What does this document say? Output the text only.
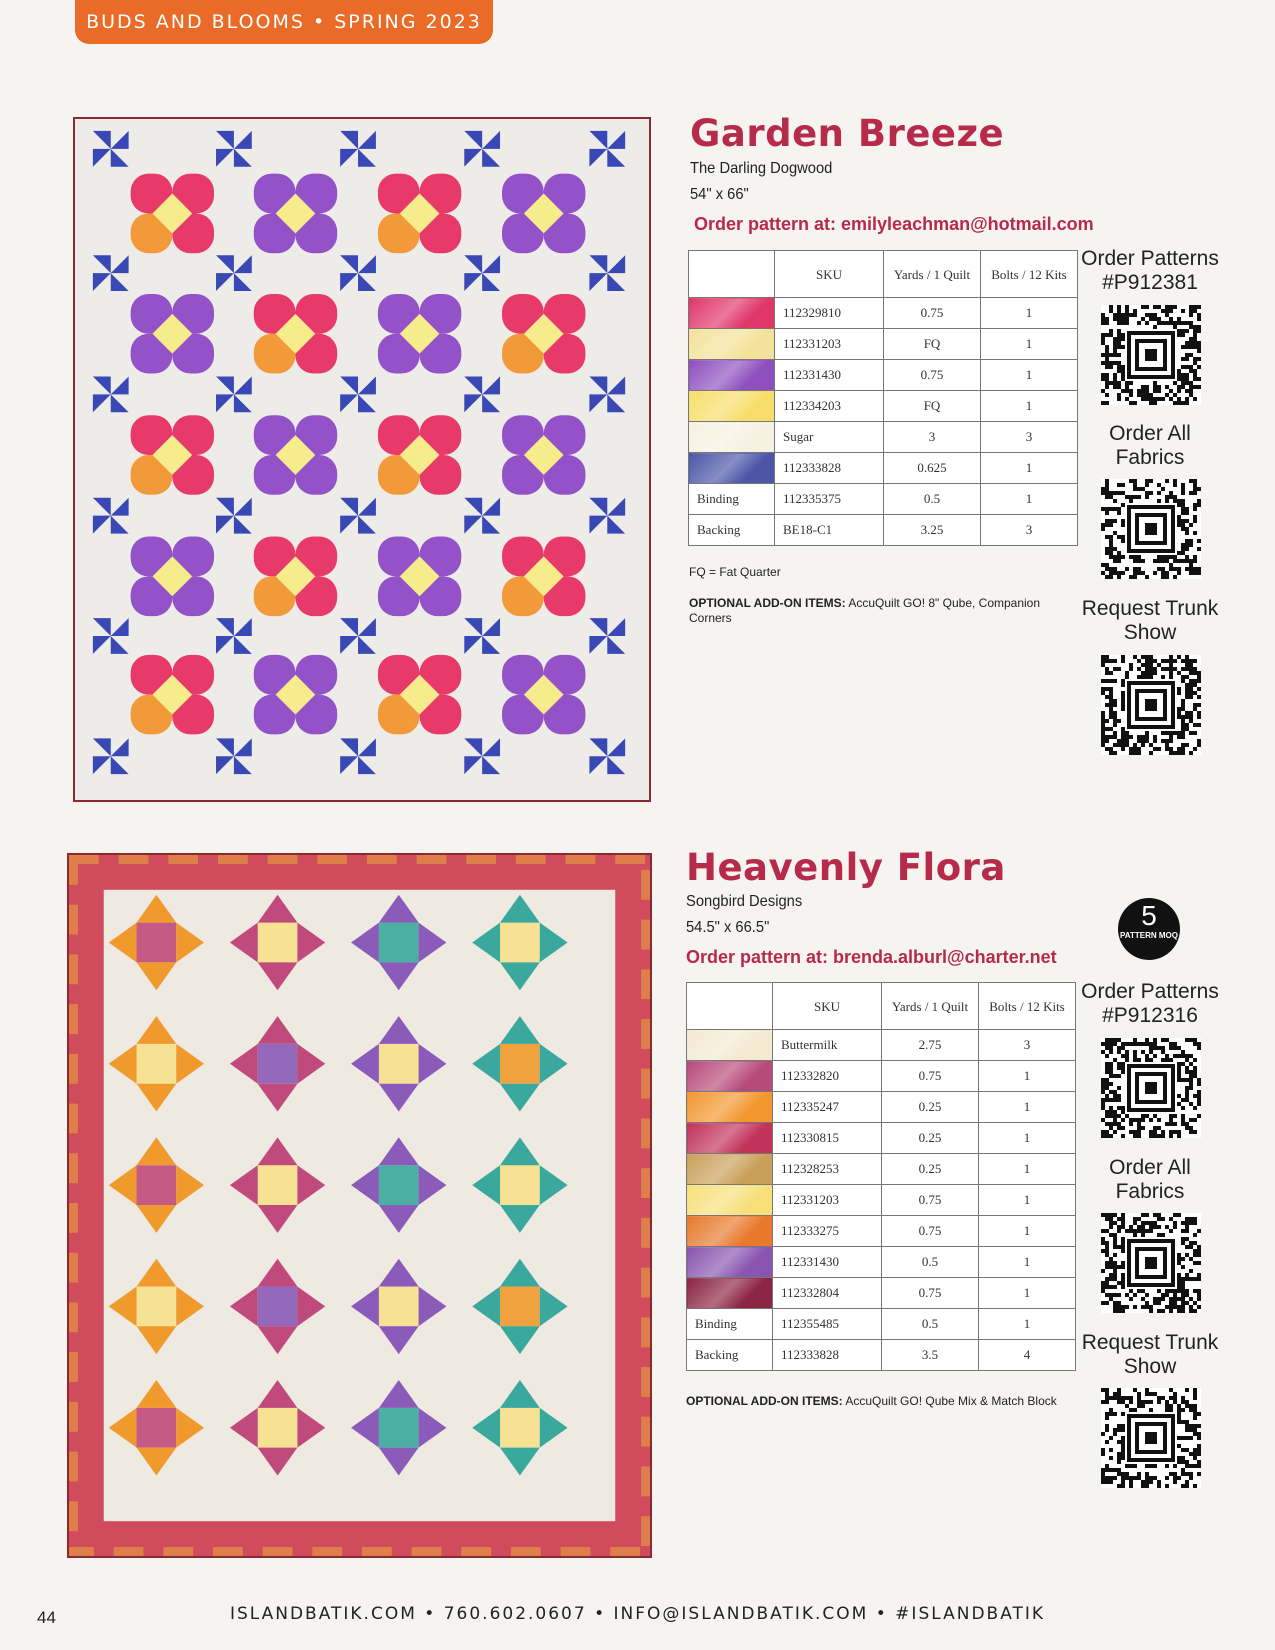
BUDS AND BLOOMS • SPRING 2023
Garden Breeze
The Darling Dogwood
54" x 66"
Order pattern at: emilyleachman@hotmail.com
	SKU	Yards / 1 Quilt	Bolts / 12 Kits
	112329810	0.75	1
	112331203	FQ	1
	112331430	0.75	1
	112334203	FQ	1
	Sugar	3	3
	112333828	0.625	1
Binding	112335375	0.5	1
Backing	BE18-C1	3.25	3
FQ = Fat Quarter
OPTIONAL ADD-ON ITEMS: AccuQuilt GO! 8" Qube, Companion Corners
Order Patterns #P912381
Order All Fabrics
Request Trunk Show
Heavenly Flora
Songbird Designs
54.5" x 66.5"
Order pattern at: brenda.alburl@charter.net
5
PATTERN MOQ
	SKU	Yards / 1 Quilt	Bolts / 12 Kits
	Buttermilk	2.75	3
	112332820	0.75	1
	112335247	0.25	1
	112330815	0.25	1
	112328253	0.25	1
	112331203	0.75	1
	112333275	0.75	1
	112331430	0.5	1
	112332804	0.75	1
Binding	112355485	0.5	1
Backing	112333828	3.5	4
OPTIONAL ADD-ON ITEMS: AccuQuilt GO! Qube Mix & Match Block
Order Patterns #P912316
Order All Fabrics
Request Trunk Show
44	ISLANDBATIK.COM • 760.602.0607 • INFO@ISLANDBATIK.COM • #ISLANDBATIK
